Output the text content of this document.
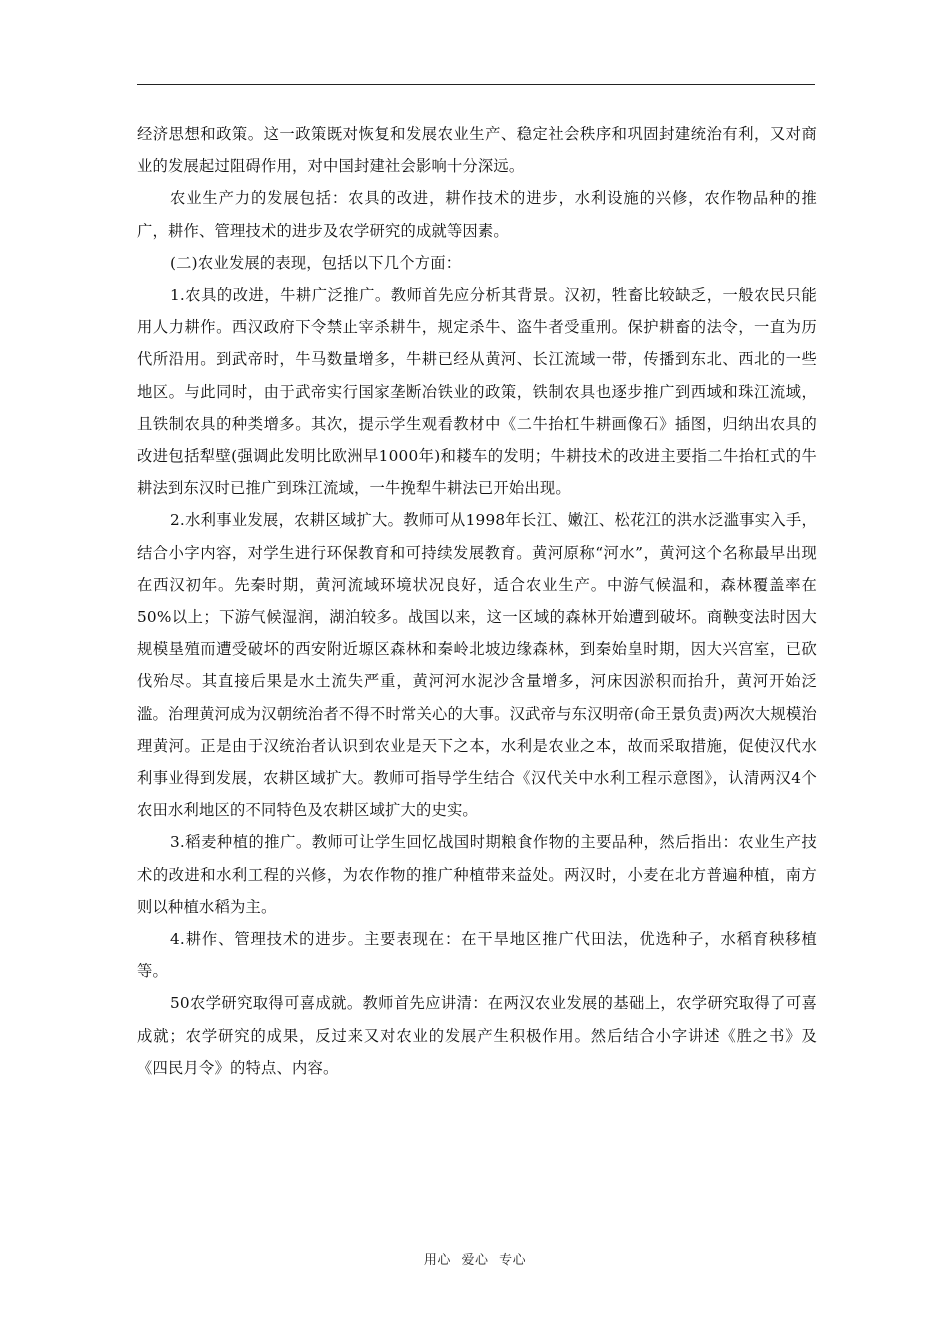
经济思想和政策。这一政策既对恢复和发展农业生产、稳定社会秩序和巩固封建统治有利，又对商业的发展起过阻碍作用，对中国封建社会影响十分深远。

农业生产力的发展包括：农具的改进，耕作技术的进步，水利设施的兴修，农作物品种的推广，耕作、管理技术的进步及农学研究的成就等因素。

(二)农业发展的表现，包括以下几个方面：

1.农具的改进，牛耕广泛推广。教师首先应分析其背景。汉初，牲畜比较缺乏，一般农民只能用人力耕作。西汉政府下令禁止宰杀耕牛，规定杀牛、盗牛者受重刑。保护耕畜的法令，一直为历代所沿用。到武帝时，牛马数量增多，牛耕已经从黄河、长江流域一带，传播到东北、西北的一些地区。与此同时，由于武帝实行国家垄断冶铁业的政策，铁制农具也逐步推广到西域和珠江流域，且铁制农具的种类增多。其次，提示学生观看教材中《二牛抬杠牛耕画像石》插图，归纳出农具的改进包括犁壁(强调此发明比欧洲早1000年)和耧车的发明；牛耕技术的改进主要指二牛抬杠式的牛耕法到东汉时已推广到珠江流域，一牛挽犁牛耕法已开始出现。

2.水利事业发展，农耕区域扩大。教师可从1998年长江、嫩江、松花江的洪水泛滥事实入手，结合小字内容，对学生进行环保教育和可持续发展教育。黄河原称“河水”，黄河这个名称最早出现在西汉初年。先秦时期，黄河流域环境状况良好，适合农业生产。中游气候温和，森林覆盖率在50%以上；下游气候湿润，湖泊较多。战国以来，这一区域的森林开始遭到破坏。商鞅变法时因大规模垦殖而遭受破坏的西安附近塬区森林和秦岭北坡边缘森林，到秦始皇时期，因大兴宫室，已砍伐殆尽。其直接后果是水土流失严重，黄河河水泥沙含量增多，河床因淤积而抬升，黄河开始泛滥。治理黄河成为汉朝统治者不得不时常关心的大事。汉武帝与东汉明帝(命王景负责)两次大规模治理黄河。正是由于汉统治者认识到农业是天下之本，水利是农业之本，故而采取措施，促使汉代水利事业得到发展，农耕区域扩大。教师可指导学生结合《汉代关中水利工程示意图》，认清两汉4个农田水利地区的不同特色及农耕区域扩大的史实。

3.稻麦种植的推广。教师可让学生回忆战国时期粮食作物的主要品种，然后指出：农业生产技术的改进和水利工程的兴修，为农作物的推广种植带来益处。两汉时，小麦在北方普遍种植，南方则以种植水稻为主。

4.耕作、管理技术的进步。主要表现在：在干旱地区推广代田法，优选种子，水稻育秧移植等。

50农学研究取得可喜成就。教师首先应讲清：在两汉农业发展的基础上，农学研究取得了可喜成就；农学研究的成果，反过来又对农业的发展产生积极作用。然后结合小字讲述《胜之书》及《四民月令》的特点、内容。

用心 爱心 专心
